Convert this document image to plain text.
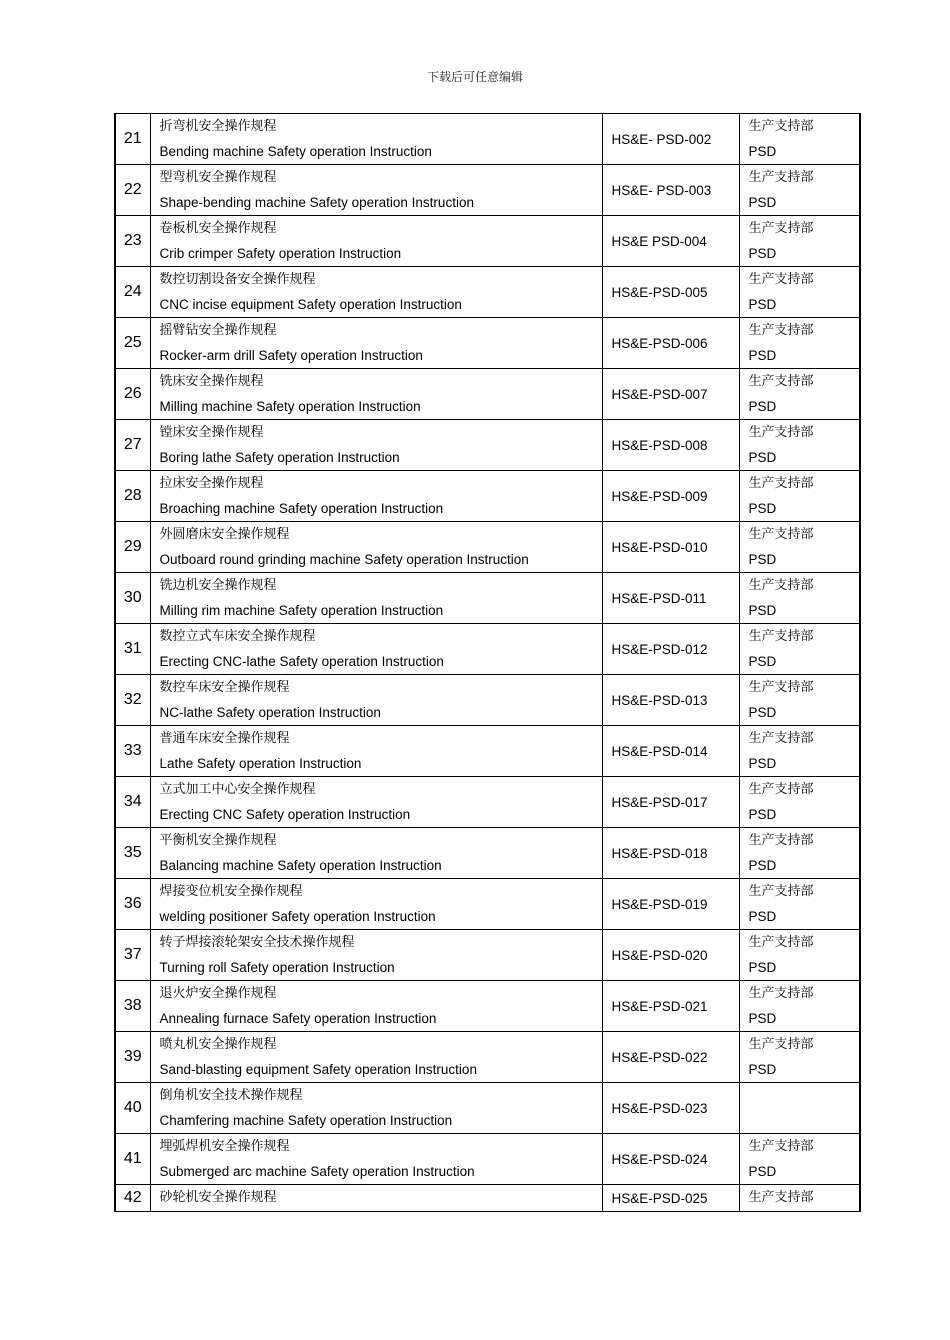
下载后可任意编辑
21	折弯机安全操作规程
Bending machine Safety operation Instruction	HS&E- PSD-002	生产支持部
PSD

22	型弯机安全操作规程
Shape-bending machine Safety operation Instruction	HS&E- PSD-003	生产支持部
PSD

23	卷板机安全操作规程
Crib crimper Safety operation Instruction	HS&E PSD-004	生产支持部
PSD

24	数控切割设备安全操作规程
CNC incise equipment Safety operation Instruction	HS&E-PSD-005	生产支持部
PSD

25	摇臂钻安全操作规程
Rocker-arm drill Safety operation Instruction	HS&E-PSD-006	生产支持部
PSD

26	铣床安全操作规程
Milling machine Safety operation Instruction	HS&E-PSD-007	生产支持部
PSD

27	镗床安全操作规程
Boring lathe Safety operation Instruction	HS&E-PSD-008	生产支持部
PSD

28	拉床安全操作规程
Broaching machine Safety operation Instruction	HS&E-PSD-009	生产支持部
PSD

29	外圆磨床安全操作规程
Outboard round grinding machine Safety operation Instruction	HS&E-PSD-010	生产支持部
PSD

30	铣边机安全操作规程
Milling rim machine Safety operation Instruction	HS&E-PSD-011	生产支持部
PSD

31	数控立式车床安全操作规程
Erecting CNC-lathe Safety operation Instruction	HS&E-PSD-012	生产支持部
PSD

32	数控车床安全操作规程
NC-lathe Safety operation Instruction	HS&E-PSD-013	生产支持部
PSD

33	普通车床安全操作规程
Lathe Safety operation Instruction	HS&E-PSD-014	生产支持部
PSD

34	立式加工中心安全操作规程
Erecting CNC Safety operation Instruction	HS&E-PSD-017	生产支持部
PSD

35	平衡机安全操作规程
Balancing machine Safety operation Instruction	HS&E-PSD-018	生产支持部
PSD

36	焊接变位机安全操作规程
welding positioner Safety operation Instruction	HS&E-PSD-019	生产支持部
PSD

37	转子焊接滚轮架安全技术操作规程
Turning roll Safety operation Instruction	HS&E-PSD-020	生产支持部
PSD

38	退火炉安全操作规程
Annealing furnace Safety operation Instruction	HS&E-PSD-021	生产支持部
PSD

39	喷丸机安全操作规程
Sand-blasting equipment Safety operation Instruction	HS&E-PSD-022	生产支持部
PSD

40	倒角机安全技术操作规程
Chamfering machine Safety operation Instruction	HS&E-PSD-023	

41	埋弧焊机安全操作规程
Submerged arc machine Safety operation Instruction	HS&E-PSD-024	生产支持部
PSD

42	砂轮机安全操作规程	HS&E-PSD-025	生产支持部
